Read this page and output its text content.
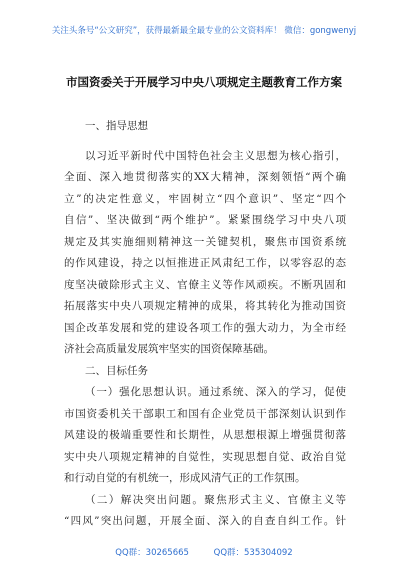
关注头条号“公文研究”，获得最新最全最专业的公文资料库！ 微信：gongwenyj
市国资委关于开展学习中央八项规定主题教育工作方案
一、指导思想
以习近平新时代中国特色社会主义思想为核心指引，
全面、深入地贯彻落实的XX大精神，深刻领悟“两个确
立”的决定性意义，牢固树立“四个意识”、坚定“四个
自信”、坚决做到“两个维护”。紧紧围绕学习中央八项
规定及其实施细则精神这一关键契机，聚焦市国资系统
的作风建设，持之以恒推进正风肃纪工作，以零容忍的态
度坚决破除形式主义、官僚主义等作风顽疾。不断巩固和
拓展落实中央八项规定精神的成果，将其转化为推动国资
国企改革发展和党的建设各项工作的强大动力，为全市经
济社会高质量发展筑牢坚实的国资保障基础。
二、目标任务
（一）强化思想认识。通过系统、深入的学习，促使
市国资委机关干部职工和国有企业党员干部深刻认识到作
风建设的极端重要性和长期性，从思想根源上增强贯彻落
实中央八项规定精神的自觉性，实现思想自觉、政治自觉
和行动自觉的有机统一，形成风清气正的工作氛围。
（二）解决突出问题。聚焦形式主义、官僚主义等
“四风”突出问题，开展全面、深入的自查自纠工作。针
QQ群：30265665	QQ群：535304092
